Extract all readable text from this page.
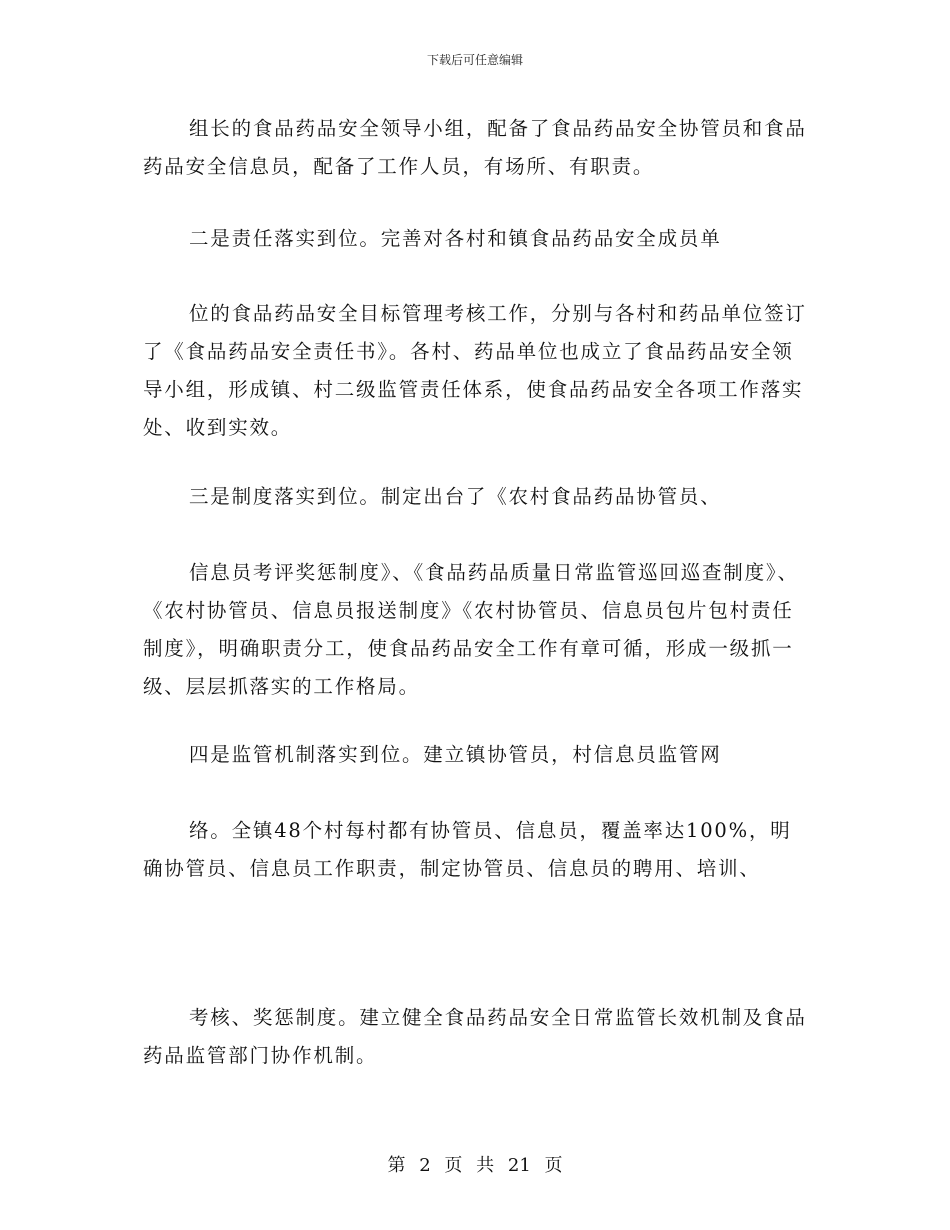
下载后可任意编辑

组长的食品药品安全领导小组，配备了食品药品安全协管员和食品药品安全信息员，配备了工作人员，有场所、有职责。

二是责任落实到位。完善对各村和镇食品药品安全成员单

位的食品药品安全目标管理考核工作，分别与各村和药品单位签订了《食品药品安全责任书》。各村、药品单位也成立了食品药品安全领导小组，形成镇、村二级监管责任体系，使食品药品安全各项工作落实处、收到实效。

三是制度落实到位。制定出台了《农村食品药品协管员、

信息员考评奖惩制度》、《食品药品质量日常监管巡回巡查制度》、《农村协管员、信息员报送制度》《农村协管员、信息员包片包村责任制度》，明确职责分工，使食品药品安全工作有章可循，形成一级抓一级、层层抓落实的工作格局。

四是监管机制落实到位。建立镇协管员，村信息员监管网

络。全镇48个村每村都有协管员、信息员，覆盖率达100%，明确协管员、信息员工作职责，制定协管员、信息员的聘用、培训、

考核、奖惩制度。建立健全食品药品安全日常监管长效机制及食品药品监管部门协作机制。

第 2 页 共 21 页
